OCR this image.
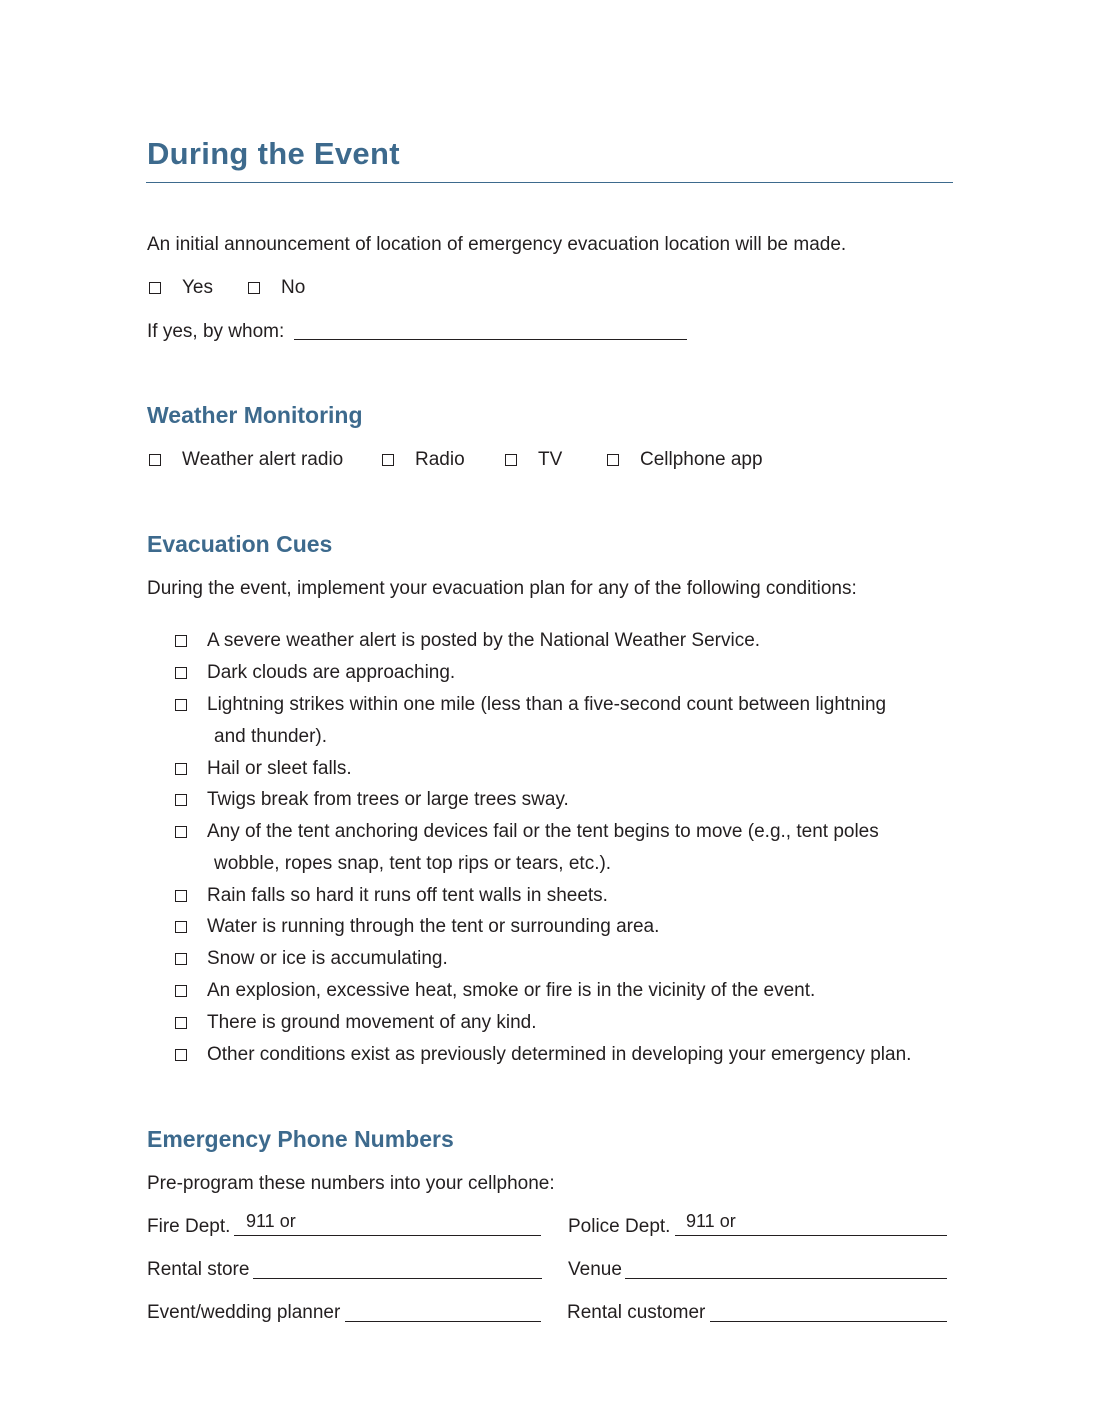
During the Event
An initial announcement of location of emergency evacuation location will be made.
Yes	No
If yes, by whom:
Weather Monitoring
Weather alert radio	Radio	TV	Cellphone app
Evacuation Cues
During the event, implement your evacuation plan for any of the following conditions:
A severe weather alert is posted by the National Weather Service.
Dark clouds are approaching.
Lightning strikes within one mile (less than a five-second count between lightning
and thunder).
Hail or sleet falls.
Twigs break from trees or large trees sway.
Any of the tent anchoring devices fail or the tent begins to move (e.g., tent poles
wobble, ropes snap, tent top rips or tears, etc.).
Rain falls so hard it runs off tent walls in sheets.
Water is running through the tent or surrounding area.
Snow or ice is accumulating.
An explosion, excessive heat, smoke or fire is in the vicinity of the event.
There is ground movement of any kind.
Other conditions exist as previously determined in developing your emergency plan.
Emergency Phone Numbers
Pre-program these numbers into your cellphone:
Fire Dept. 911 or	Police Dept. 911 or
Rental store	Venue
Event/wedding planner	Rental customer
